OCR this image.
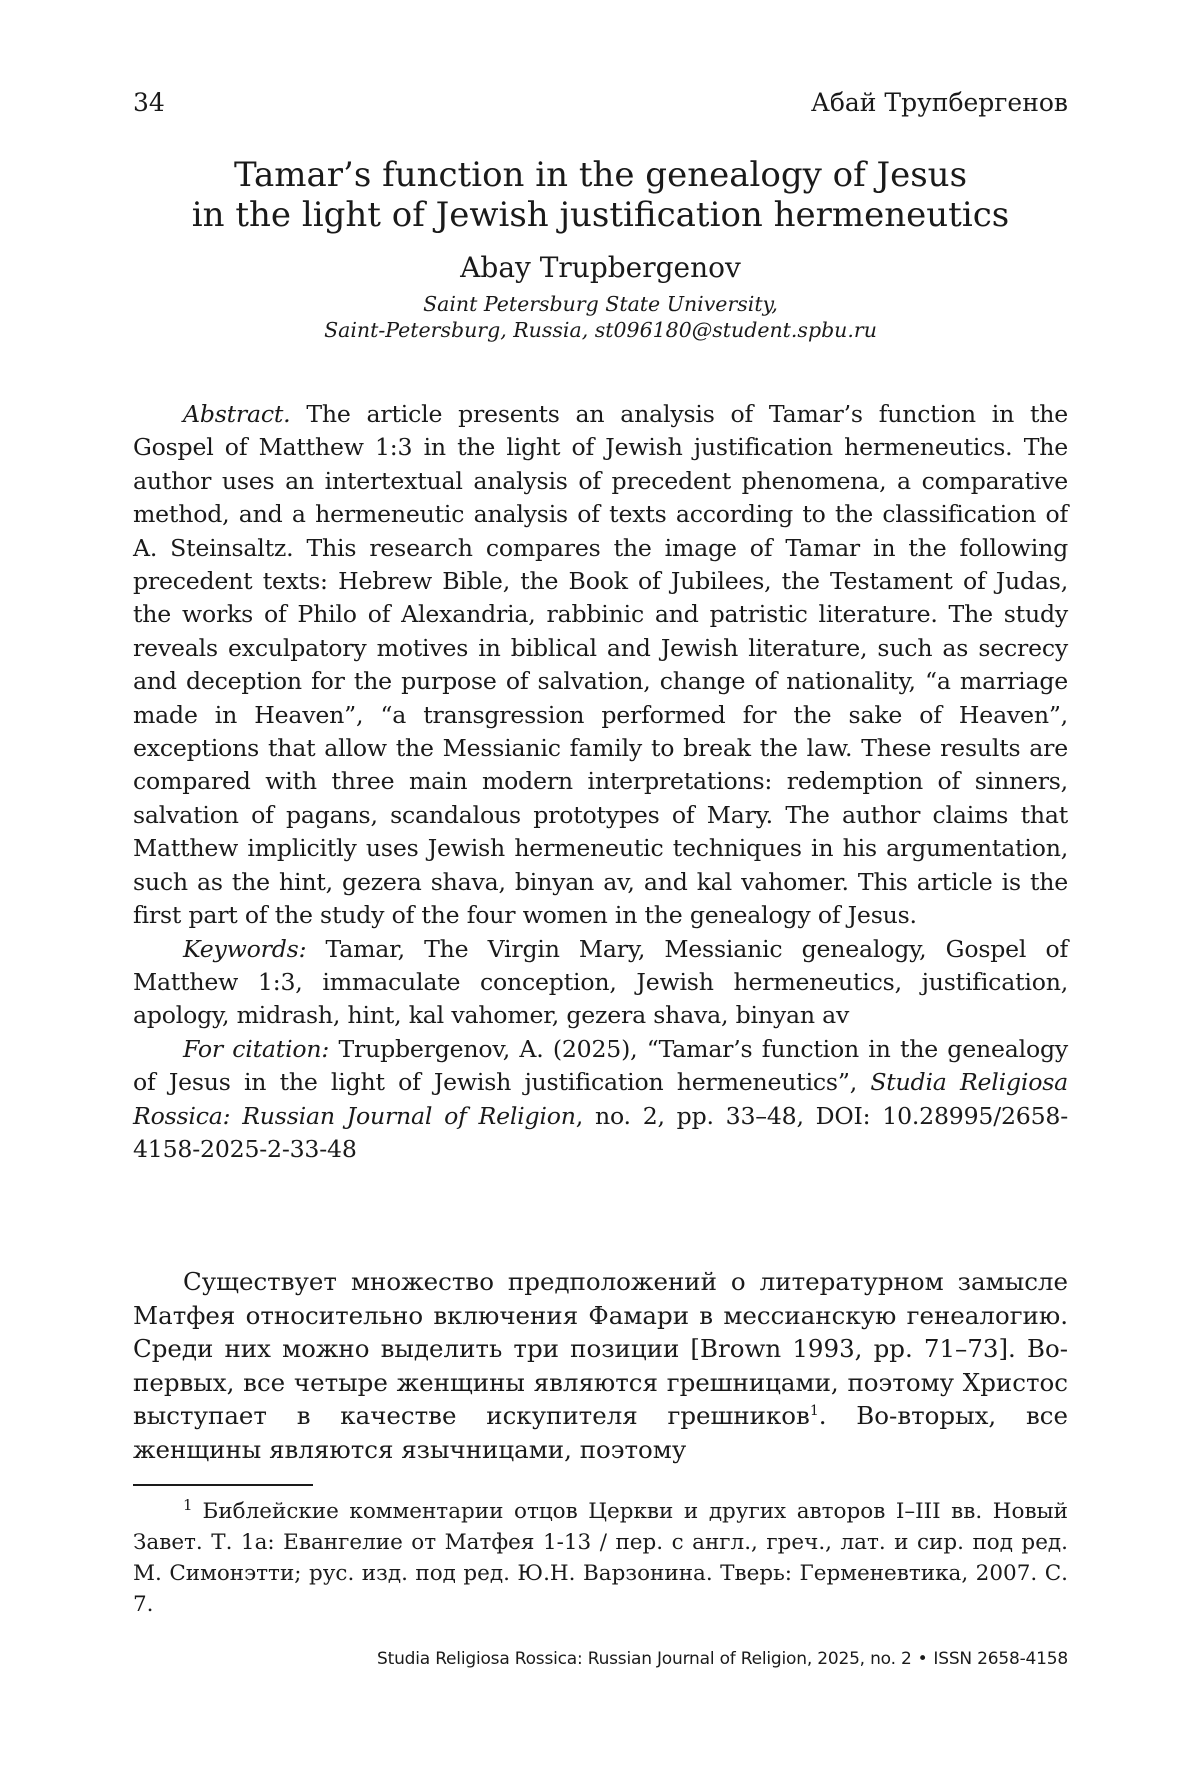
34	Абай Трупбергенов
Tamar’s function in the genealogy of Jesus
in the light of Jewish justification hermeneutics
Abay Trupbergenov
Saint Petersburg State University,
Saint-Petersburg, Russia, st096180@student.spbu.ru

Abstract. The article presents an analysis of Tamar’s function in the Gospel of Matthew 1:3 in the light of Jewish justification hermeneutics. The author uses an intertextual analysis of precedent phenomena, a comparative method, and a hermeneutic analysis of texts according to the classification of A. Steinsaltz. This research compares the image of Tamar in the following precedent texts: Hebrew Bible, the Book of Jubilees, the Testament of Judas, the works of Philo of Alexandria, rabbinic and patristic literature. The study reveals exculpatory motives in biblical and Jewish literature, such as secrecy and deception for the purpose of salvation, change of nationality, “a marriage made in Heaven”, “a transgression performed for the sake of Heaven”, exceptions that allow the Messianic family to break the law. These results are compared with three main modern interpretations: redemption of sinners, salvation of pagans, scandalous prototypes of Mary. The author claims that Matthew implicitly uses Jewish hermeneutic techniques in his argumentation, such as the hint, gezera shava, binyan av, and kal vahomer. This article is the first part of the study of the four women in the genealogy of Jesus.

Keywords: Tamar, The Virgin Mary, Messianic genealogy, Gospel of Matthew 1:3, immaculate conception, Jewish hermeneutics, justification, apology, midrash, hint, kal vahomer, gezera shava, binyan av

For citation: Trupbergenov, A. (2025), “Tamar’s function in the genealogy of Jesus in the light of Jewish justification hermeneutics”, Studia Religiosa Rossica: Russian Journal of Religion, no. 2, pp. 33–48, DOI: 10.28995/2658-4158-2025-2-33-48

Существует множество предположений о литературном замысле Матфея относительно включения Фамари в мессианскую генеалогию. Среди них можно выделить три позиции [Brown 1993, pp. 71–73]. Во-первых, все четыре женщины являются грешницами, поэтому Христос выступает в качестве искупителя грешников$^1$. Во-вторых, все женщины являются язычницами, поэтому

$^1$ Библейские комментарии отцов Церкви и других авторов I–III вв. Новый Завет. Т. 1а: Евангелие от Матфея 1-13 / пер. с англ., греч., лат. и сир. под ред. М. Симонэтти; рус. изд. под ред. Ю.Н. Варзонина. Тверь: Герменевтика, 2007. С. 7.

Studia Religiosa Rossica: Russian Journal of Religion, 2025, no. 2 • ISSN 2658-4158
